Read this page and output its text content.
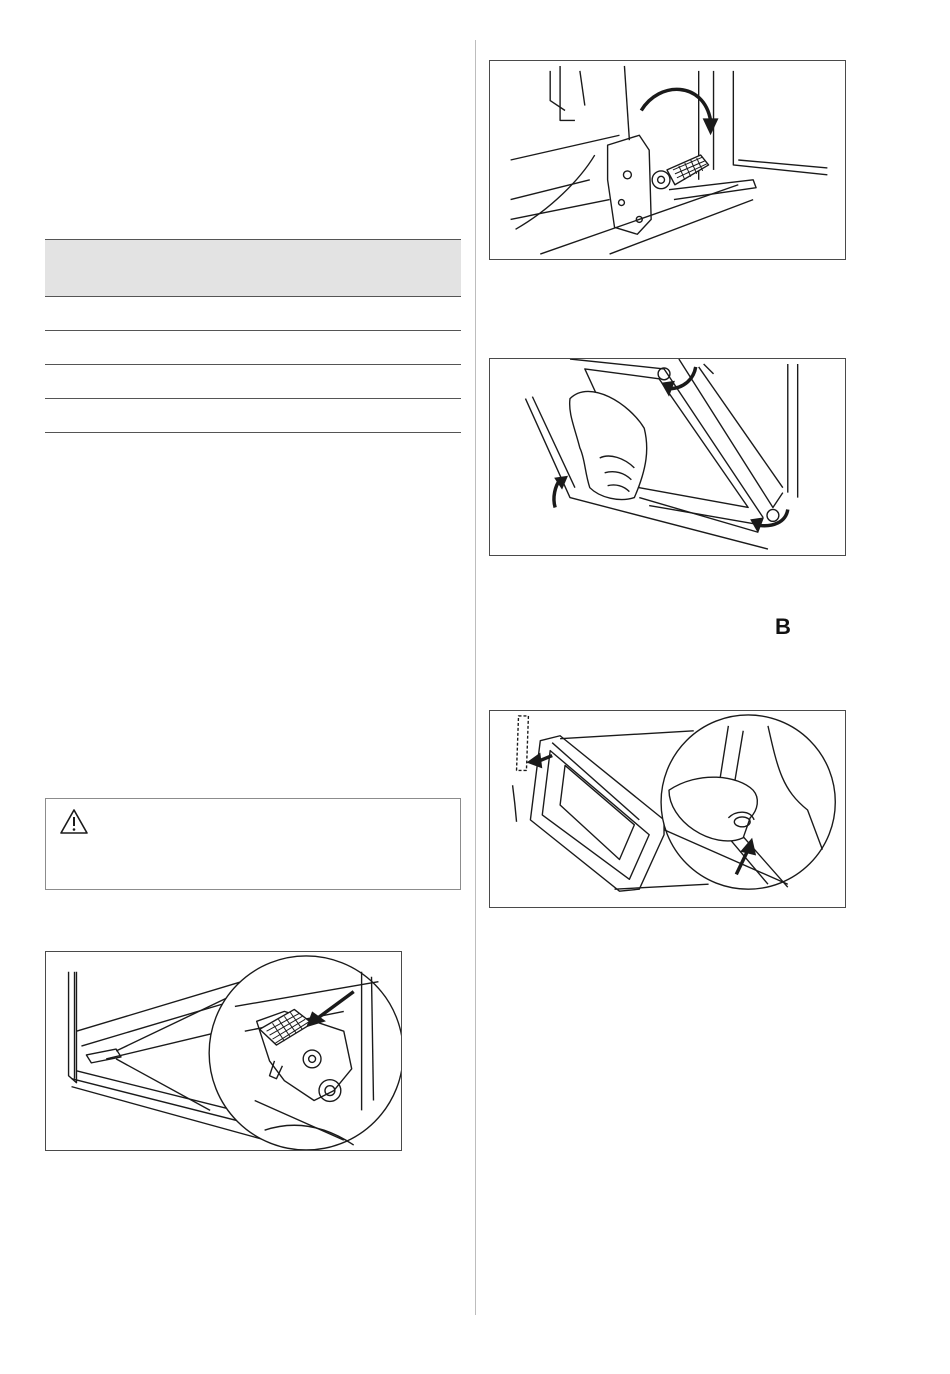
B
